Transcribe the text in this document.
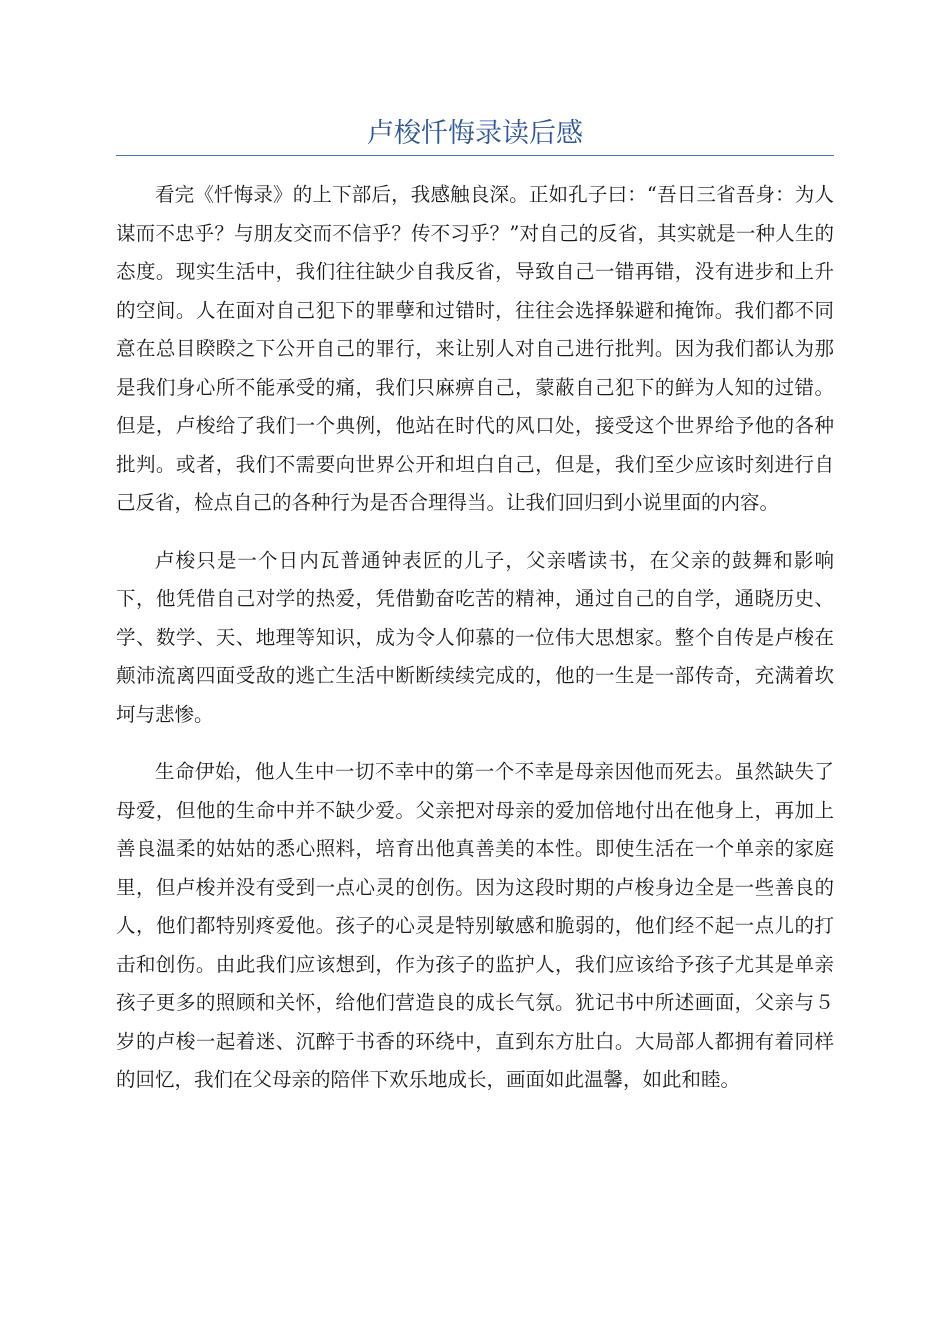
卢梭忏悔录读后感

看完《忏悔录》的上下部后，我感触良深。正如孔子曰：“吾日三省吾身：为人谋而不忠乎？与朋友交而不信乎？传不习乎？”对自己的反省，其实就是一种人生的态度。现实生活中，我们往往缺少自我反省，导致自己一错再错，没有进步和上升的空间。人在面对自己犯下的罪孽和过错时，往往会选择躲避和掩饰。我们都不同意在总目睽睽之下公开自己的罪行，来让别人对自己进行批判。因为我们都认为那是我们身心所不能承受的痛，我们只麻痹自己，蒙蔽自己犯下的鲜为人知的过错。但是，卢梭给了我们一个典例，他站在时代的风口处，接受这个世界给予他的各种批判。或者，我们不需要向世界公开和坦白自己，但是，我们至少应该时刻进行自己反省，检点自己的各种行为是否合理得当。让我们回归到小说里面的内容。

卢梭只是一个日内瓦普通钟表匠的儿子，父亲嗜读书，在父亲的鼓舞和影响下，他凭借自己对学的热爱，凭借勤奋吃苦的精神，通过自己的自学，通晓历史、学、数学、天、地理等知识，成为令人仰慕的一位伟大思想家。整个自传是卢梭在颠沛流离四面受敌的逃亡生活中断断续续完成的，他的一生是一部传奇，充满着坎坷与悲惨。

生命伊始，他人生中一切不幸中的第一个不幸是母亲因他而死去。虽然缺失了母爱，但他的生命中并不缺少爱。父亲把对母亲的爱加倍地付出在他身上，再加上善良温柔的姑姑的悉心照料，培育出他真善美的本性。即使生活在一个单亲的家庭里，但卢梭并没有受到一点心灵的创伤。因为这段时期的卢梭身边全是一些善良的人，他们都特别疼爱他。孩子的心灵是特别敏感和脆弱的，他们经不起一点儿的打击和创伤。由此我们应该想到，作为孩子的监护人，我们应该给予孩子尤其是单亲孩子更多的照顾和关怀，给他们营造良的成长气氛。犹记书中所述画面，父亲与５岁的卢梭一起着迷、沉醉于书香的环绕中，直到东方肚白。大局部人都拥有着同样的回忆，我们在父母亲的陪伴下欢乐地成长，画面如此温馨，如此和睦。
